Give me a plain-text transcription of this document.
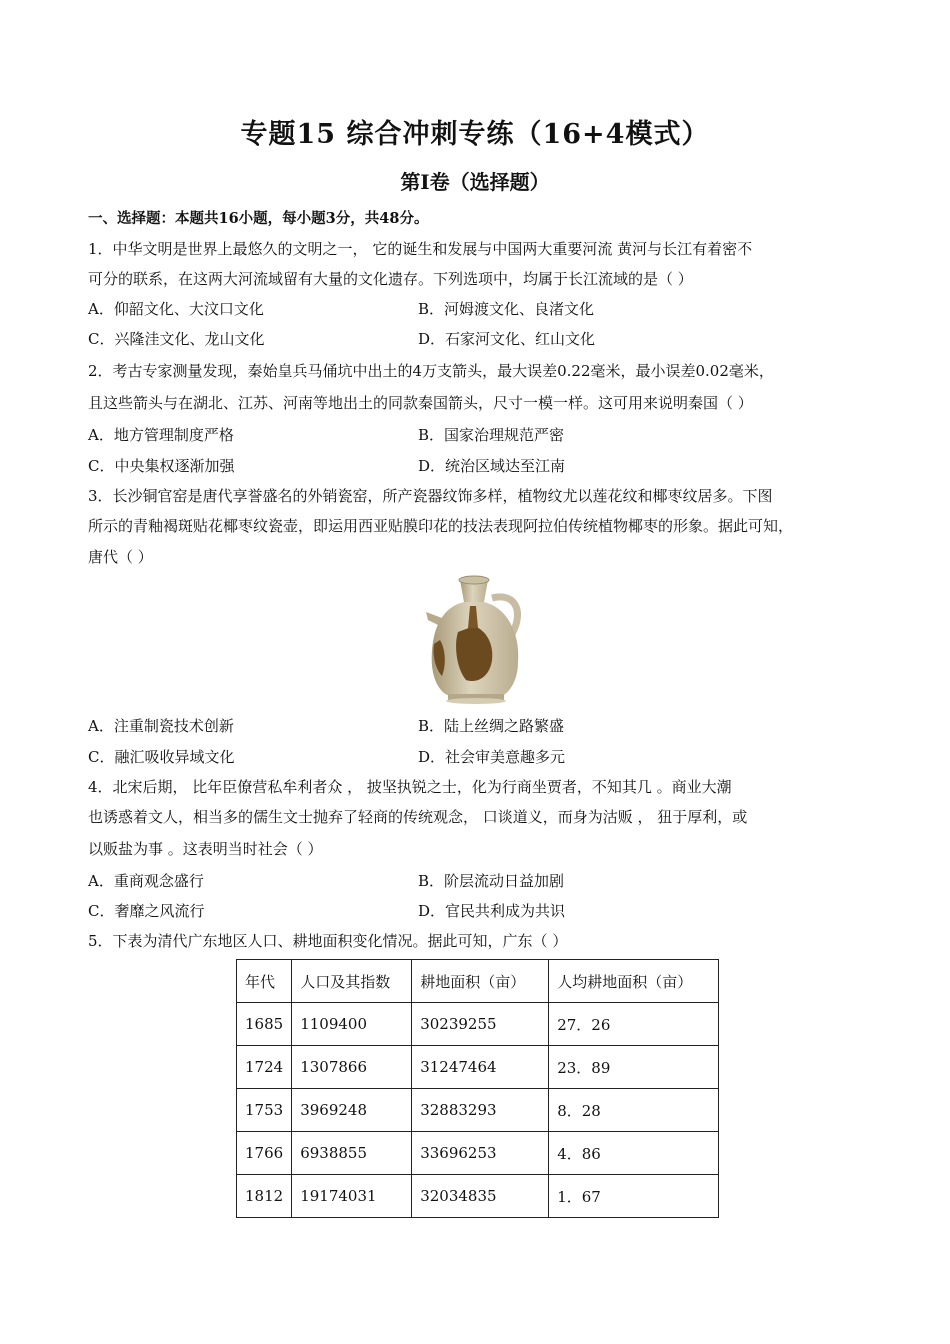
专题15 综合冲刺专练（16+4模式）
第I卷（选择题）
一、选择题：本题共16小题，每小题3分，共48分。
1．中华文明是世界上最悠久的文明之一， 它的诞生和发展与中国两大重要河流 黄河与长江有着密不
可分的联系，在这两大河流域留有大量的文化遗存。下列选项中，均属于长江流域的是（ ）
A．仰韶文化、大汶口文化	B．河姆渡文化、良渚文化
C．兴隆洼文化、龙山文化	D．石家河文化、红山文化
2．考古专家测量发现，秦始皇兵马俑坑中出土的4万支箭头，最大误差0.22毫米，最小误差0.02毫米，
且这些箭头与在湖北、江苏、河南等地出土的同款秦国箭头，尺寸一模一样。这可用来说明秦国（ ）
A．地方管理制度严格	B．国家治理规范严密
C．中央集权逐渐加强	D．统治区域达至江南
3．长沙铜官窑是唐代享誉盛名的外销瓷窑，所产瓷器纹饰多样，植物纹尤以莲花纹和椰枣纹居多。下图
所示的青釉褐斑贴花椰枣纹瓷壶，即运用西亚贴膜印花的技法表现阿拉伯传统植物椰枣的形象。据此可知，
唐代（ ）
A．注重制瓷技术创新	B．陆上丝绸之路繁盛
C．融汇吸收异域文化	D．社会审美意趣多元
4．北宋后期， 比年臣僚营私牟利者众 ， 披坚执锐之士，化为行商坐贾者，不知其几 。商业大潮
也诱惑着文人，相当多的儒生文士抛弃了轻商的传统观念， 口谈道义，而身为沽贩 ， 狃于厚利，或
以贩盐为事 。这表明当时社会（ ）
A．重商观念盛行	B．阶层流动日益加剧
C．奢靡之风流行	D．官民共利成为共识
5．下表为清代广东地区人口、耕地面积变化情况。据此可知，广东（ ）
年代	人口及其指数	耕地面积（亩）	人均耕地面积（亩）
1685	1109400	30239255	27．26
1724	1307866	31247464	23．89
1753	3969248	32883293	8．28
1766	6938855	33696253	4．86
1812	19174031	32034835	1．67
